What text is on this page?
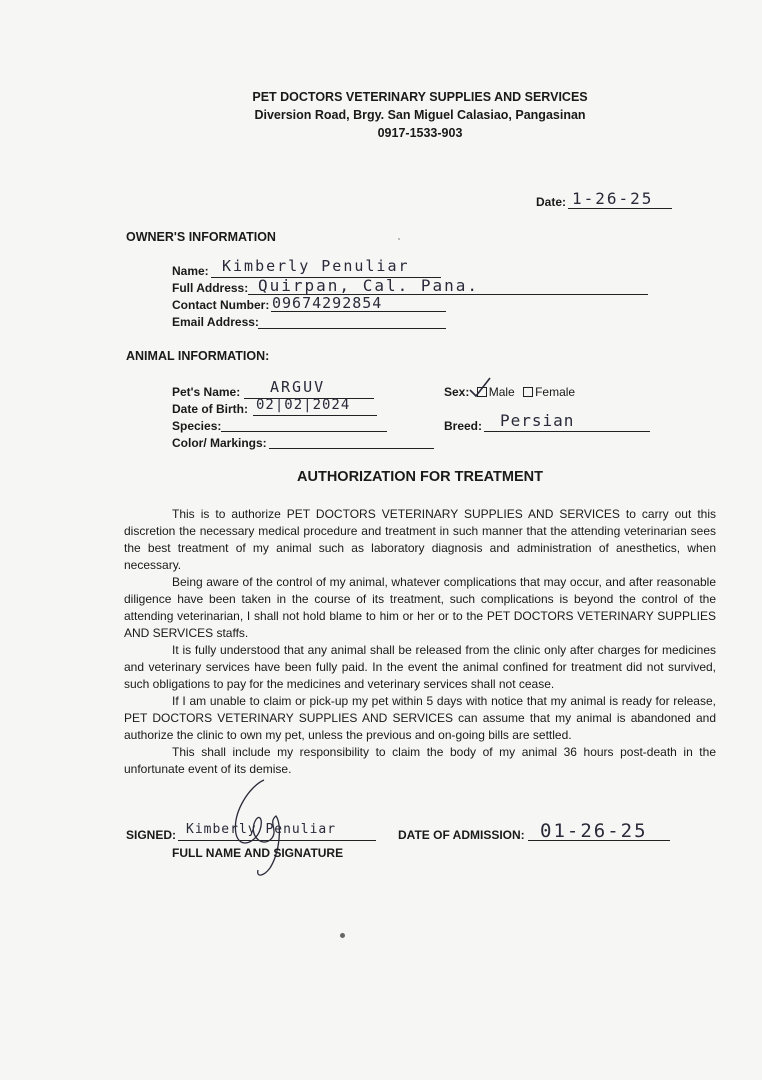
PET DOCTORS VETERINARY SUPPLIES AND SERVICES
Diversion Road, Brgy. San Miguel Calasiao, Pangasinan
0917-1533-903
Date: 1-26-25
OWNER'S INFORMATION
Name: Kimberly Penuliar
Full Address: Quirpan, Cal. Pana.
Contact Number: 09674292854
Email Address:
ANIMAL INFORMATION:
Pet's Name: ARGUV
Date of Birth: 02|02|2024
Species:
Color/ Markings:
Sex: Male Female
Breed: Persian
AUTHORIZATION FOR TREATMENT

This is to authorize PET DOCTORS VETERINARY SUPPLIES AND SERVICES to carry out this discretion the necessary medical procedure and treatment in such manner that the attending veterinarian sees the best treatment of my animal such as laboratory diagnosis and administration of anesthetics, when necessary.

Being aware of the control of my animal, whatever complications that may occur, and after reasonable diligence have been taken in the course of its treatment, such complications is beyond the control of the attending veterinarian, I shall not hold blame to him or her or to the PET DOCTORS VETERINARY SUPPLIES AND SERVICES staffs.

It is fully understood that any animal shall be released from the clinic only after charges for medicines and veterinary services have been fully paid. In the event the animal confined for treatment did not survived, such obligations to pay for the medicines and veterinary services shall not cease.

If I am unable to claim or pick-up my pet within 5 days with notice that my animal is ready for release, PET DOCTORS VETERINARY SUPPLIES AND SERVICES can assume that my animal is abandoned and authorize the clinic to own my pet, unless the previous and on-going bills are settled.

This shall include my responsibility to claim the body of my animal 36 hours post-death in the unfortunate event of its demise.

SIGNED: Kimberly Penuliar
FULL NAME AND SIGNATURE
DATE OF ADMISSION: 01-26-25
